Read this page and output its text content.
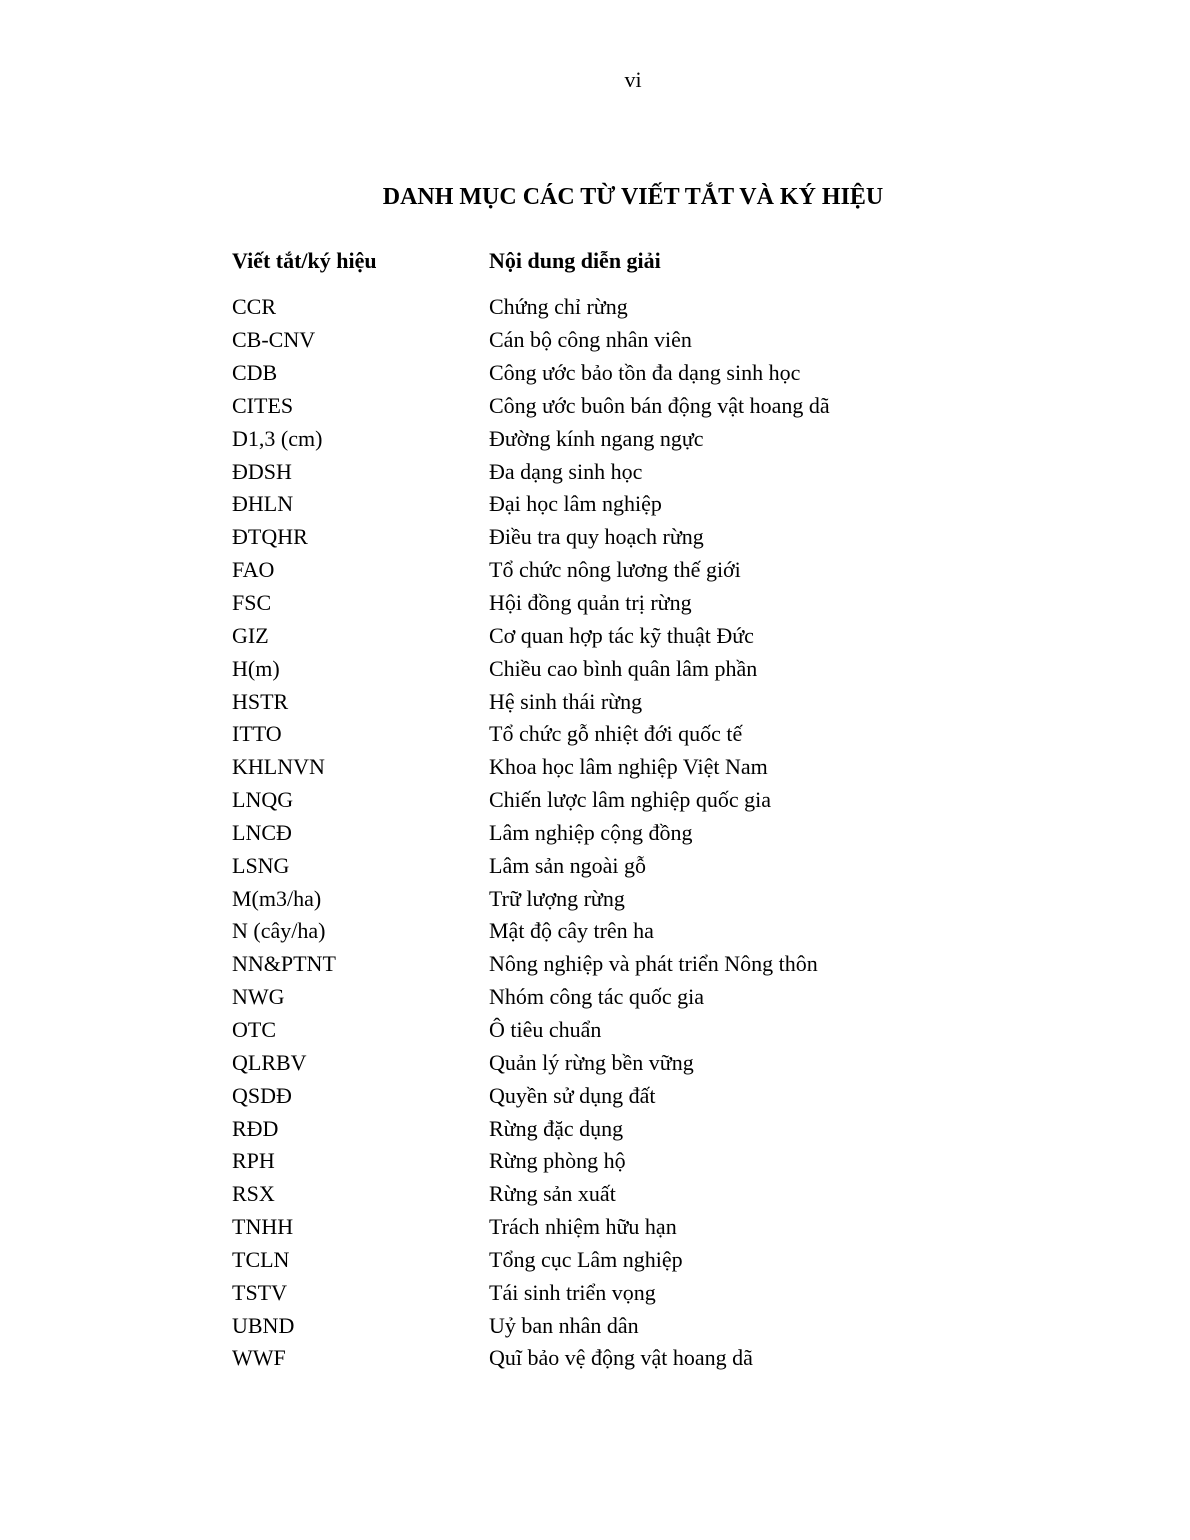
vi
DANH MỤC CÁC TỪ VIẾT TẮT VÀ KÝ HIỆU
Viết tắt/ký hiệu	Nội dung diễn giải
CCR	Chứng chỉ rừng
CB-CNV	Cán bộ công nhân viên
CDB	Công ước bảo tồn đa dạng sinh học
CITES	Công ước buôn bán động vật hoang dã
D1,3 (cm)	Đường kính ngang ngực
ĐDSH	Đa dạng sinh học
ĐHLN	Đại học lâm nghiệp
ĐTQHR	Điều tra quy hoạch rừng
FAO	Tổ chức nông lương thế giới
FSC	Hội đồng quản trị rừng
GIZ	Cơ quan hợp tác kỹ thuật Đức
H(m)	Chiều cao bình quân lâm phần
HSTR	Hệ sinh thái rừng
ITTO	Tổ chức gỗ nhiệt đới quốc tế
KHLNVN	Khoa học lâm nghiệp Việt Nam
LNQG	Chiến lược lâm nghiệp quốc gia
LNCĐ	Lâm nghiệp cộng đồng
LSNG	Lâm sản ngoài gỗ
M(m3/ha)	Trữ lượng rừng
N (cây/ha)	Mật độ cây trên ha
NN&PTNT	Nông nghiệp và phát triển Nông thôn
NWG	Nhóm công tác quốc gia
OTC	Ô tiêu chuẩn
QLRBV	Quản lý rừng bền vững
QSDĐ	Quyền sử dụng đất
RĐD	Rừng đặc dụng
RPH	Rừng phòng hộ
RSX	Rừng sản xuất
TNHH	Trách nhiệm hữu hạn
TCLN	Tổng cục Lâm nghiệp
TSTV	Tái sinh triển vọng
UBND	Uỷ ban nhân dân
WWF	Quĩ bảo vệ động vật hoang dã
